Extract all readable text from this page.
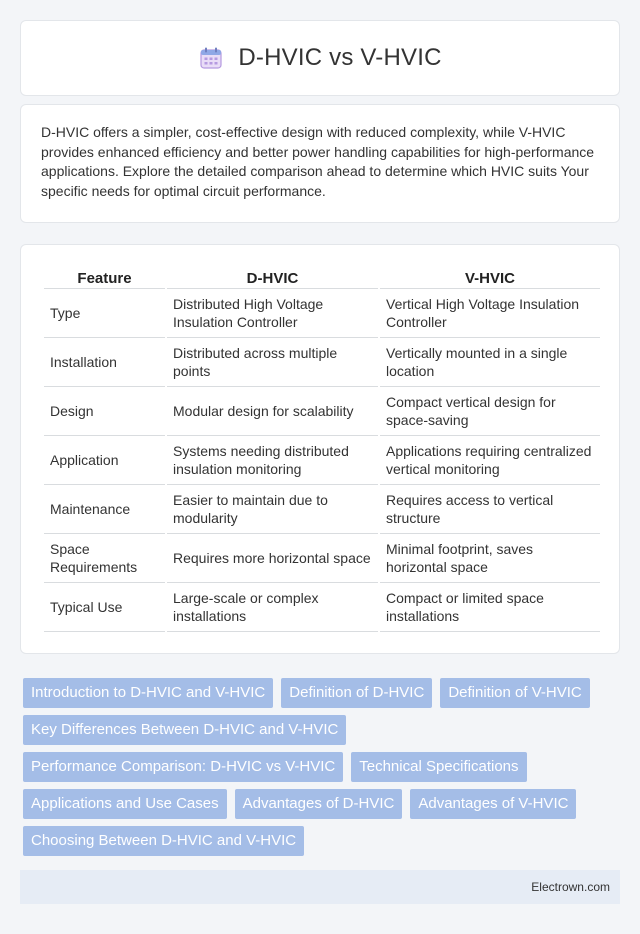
D-HVIC vs V-HVIC

D-HVIC offers a simpler, cost-effective design with reduced complexity, while V-HVIC provides enhanced efficiency and better power handling capabilities for high-performance applications. Explore the detailed comparison ahead to determine which HVIC suits Your specific needs for optimal circuit performance.

Feature	D-HVIC	V-HVIC
Type	Distributed High Voltage Insulation Controller	Vertical High Voltage Insulation Controller
Installation	Distributed across multiple points	Vertically mounted in a single location
Design	Modular design for scalability	Compact vertical design for space-saving
Application	Systems needing distributed insulation monitoring	Applications requiring centralized vertical monitoring
Maintenance	Easier to maintain due to modularity	Requires access to vertical structure
Space Requirements	Requires more horizontal space	Minimal footprint, saves horizontal space
Typical Use	Large-scale or complex installations	Compact or limited space installations
Introduction to D-HVIC and V-HVIC	Definition of D-HVIC	Definition of V-HVIC
Key Differences Between D-HVIC and V-HVIC
Performance Comparison: D-HVIC vs V-HVIC	Technical Specifications
Applications and Use Cases	Advantages of D-HVIC	Advantages of V-HVIC
Choosing Between D-HVIC and V-HVIC
Electrown.com
